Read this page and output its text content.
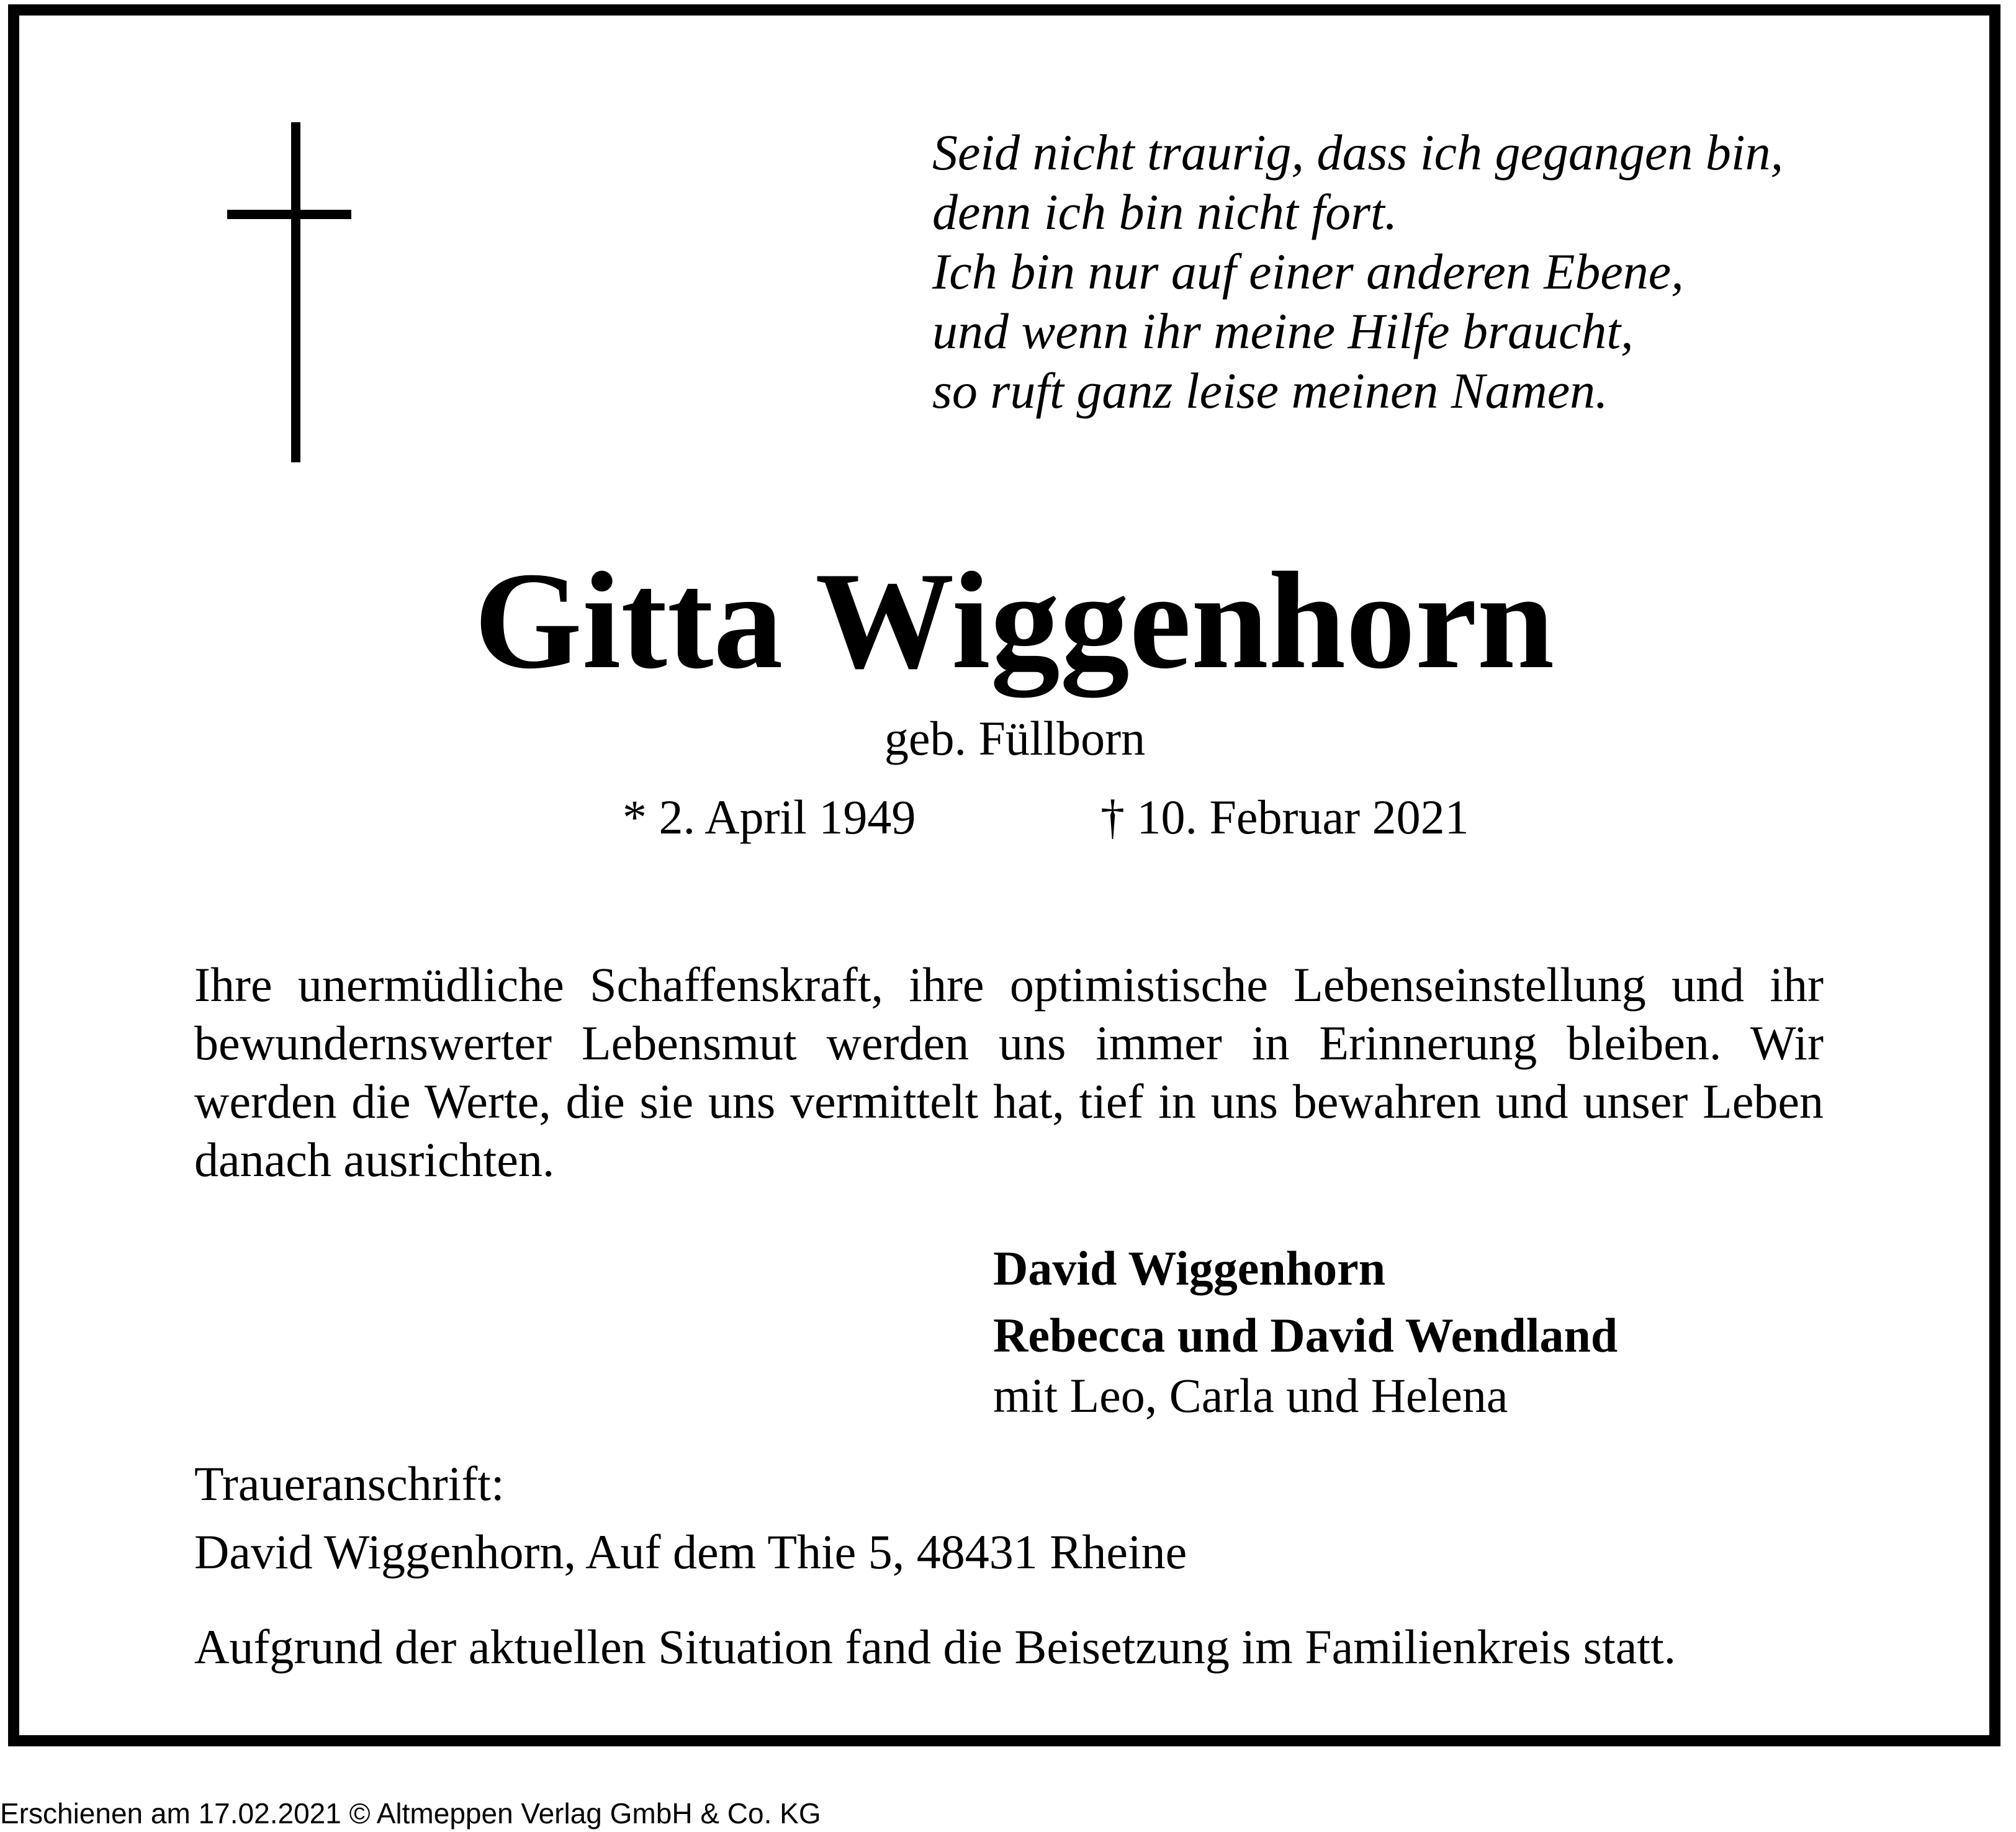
Seid nicht traurig, dass ich gegangen bin,
denn ich bin nicht fort.
Ich bin nur auf einer anderen Ebene,
und wenn ihr meine Hilfe braucht,
so ruft ganz leise meinen Namen.
Gitta Wiggenhorn
geb. Füllborn
* 2. April 1949	† 10. Februar 2021
Ihre unermüdliche Schaffenskraft, ihre optimistische Lebenseinstellung und ihr bewundernswerter Lebensmut werden uns immer in Erinnerung bleiben. Wir werden die Werte, die sie uns vermittelt hat, tief in uns bewahren und unser Leben danach ausrichten.
David Wiggenhorn
Rebecca und David Wendland
mit Leo, Carla und Helena
Traueranschrift:
David Wiggenhorn, Auf dem Thie 5, 48431 Rheine
Aufgrund der aktuellen Situation fand die Beisetzung im Familienkreis statt.
Erschienen am 17.02.2021 © Altmeppen Verlag GmbH & Co. KG
